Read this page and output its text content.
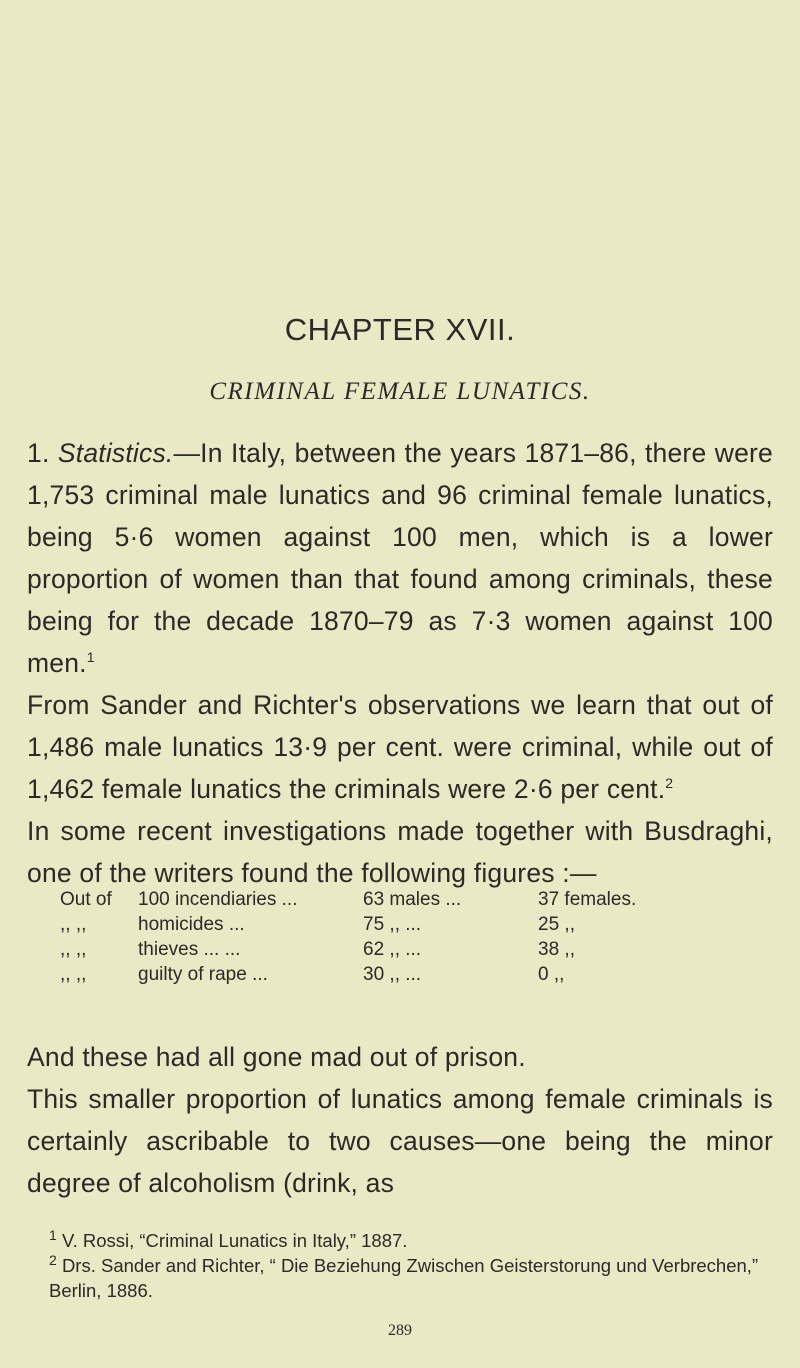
CHAPTER XVII.
CRIMINAL FEMALE LUNATICS.

1. Statistics.—In Italy, between the years 1871–86, there were 1,753 criminal male lunatics and 96 criminal female lunatics, being 5·6 women against 100 men, which is a lower proportion of women than that found among criminals, these being for the decade 1870–79 as 7·3 women against 100 men.$^1$

From Sander and Richter's observations we learn that out of 1,486 male lunatics 13·9 per cent. were criminal, while out of 1,462 female lunatics the criminals were 2·6 per cent.$^2$

In some recent investigations made together with Busdraghi, one of the writers found the following figures :—

Out of	100 incendiaries ...	63 males ...	37 females.
,, ,,	homicides ...	75 ,, ...	25 ,,
,, ,,	thieves ... ...	62 ,, ...	38 ,,
,, ,,	guilty of rape ...	30 ,, ...	0 ,,

And these had all gone mad out of prison.

This smaller proportion of lunatics among female criminals is certainly ascribable to two causes—one being the minor degree of alcoholism (drink, as

$^1$ V. Rossi, “Criminal Lunatics in Italy,” 1887.

$^2$ Drs. Sander and Richter, “ Die Beziehung Zwischen Geisterstorung und Verbrechen,” Berlin, 1886.

289
